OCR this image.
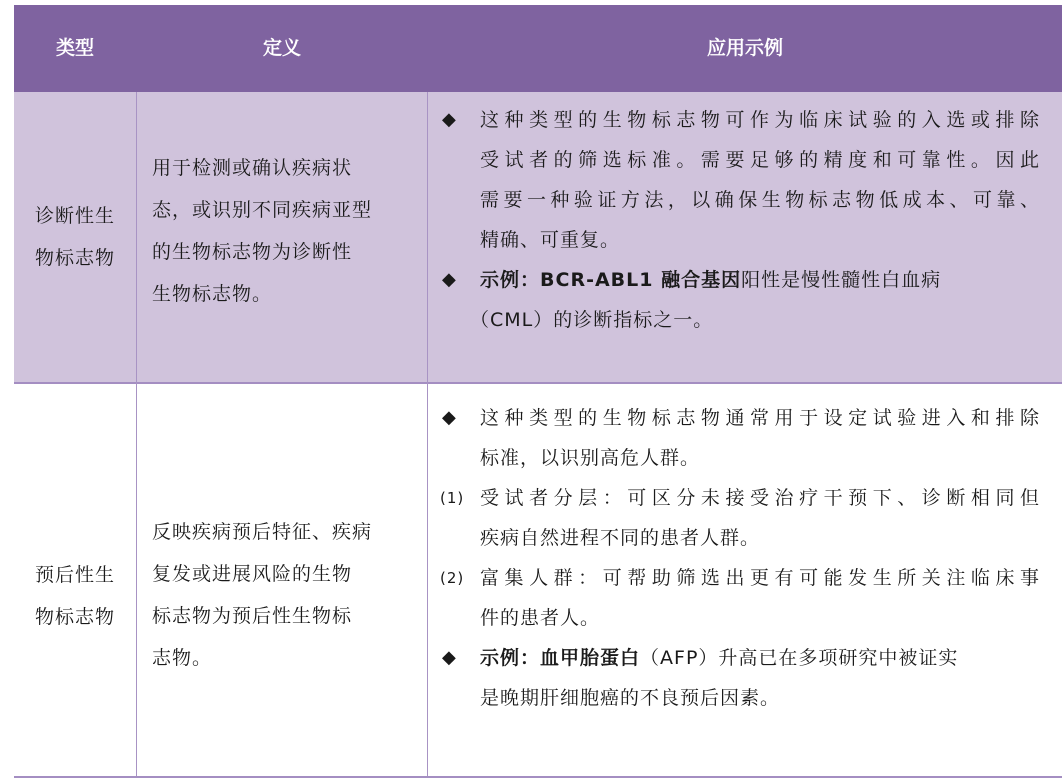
类型	定义	应用示例
诊断性生
物标志物
用于检测或确认疾病状
态，或识别不同疾病亚型
的生物标志物为诊断性
生物标志物。
◆ 这种类型的生物标志物可作为临床试验的入选或排除
受试者的筛选标准。需要足够的精度和可靠性。因此
需要一种验证方法，以确保生物标志物低成本、可靠、
精确、可重复。
◆ 示例：BCR-ABL1 融合基因阳性是慢性髓性白血病
（CML）的诊断指标之一。
预后性生
物标志物
反映疾病预后特征、疾病
复发或进展风险的生物
标志物为预后性生物标
志物。
◆ 这种类型的生物标志物通常用于设定试验进入和排除
标准，以识别高危人群。
(1) 受试者分层：可区分未接受治疗干预下、诊断相同但
疾病自然进程不同的患者人群。
(2) 富集人群：可帮助筛选出更有可能发生所关注临床事
件的患者人。
◆ 示例：血甲胎蛋白（AFP）升高已在多项研究中被证实
是晚期肝细胞癌的不良预后因素。
